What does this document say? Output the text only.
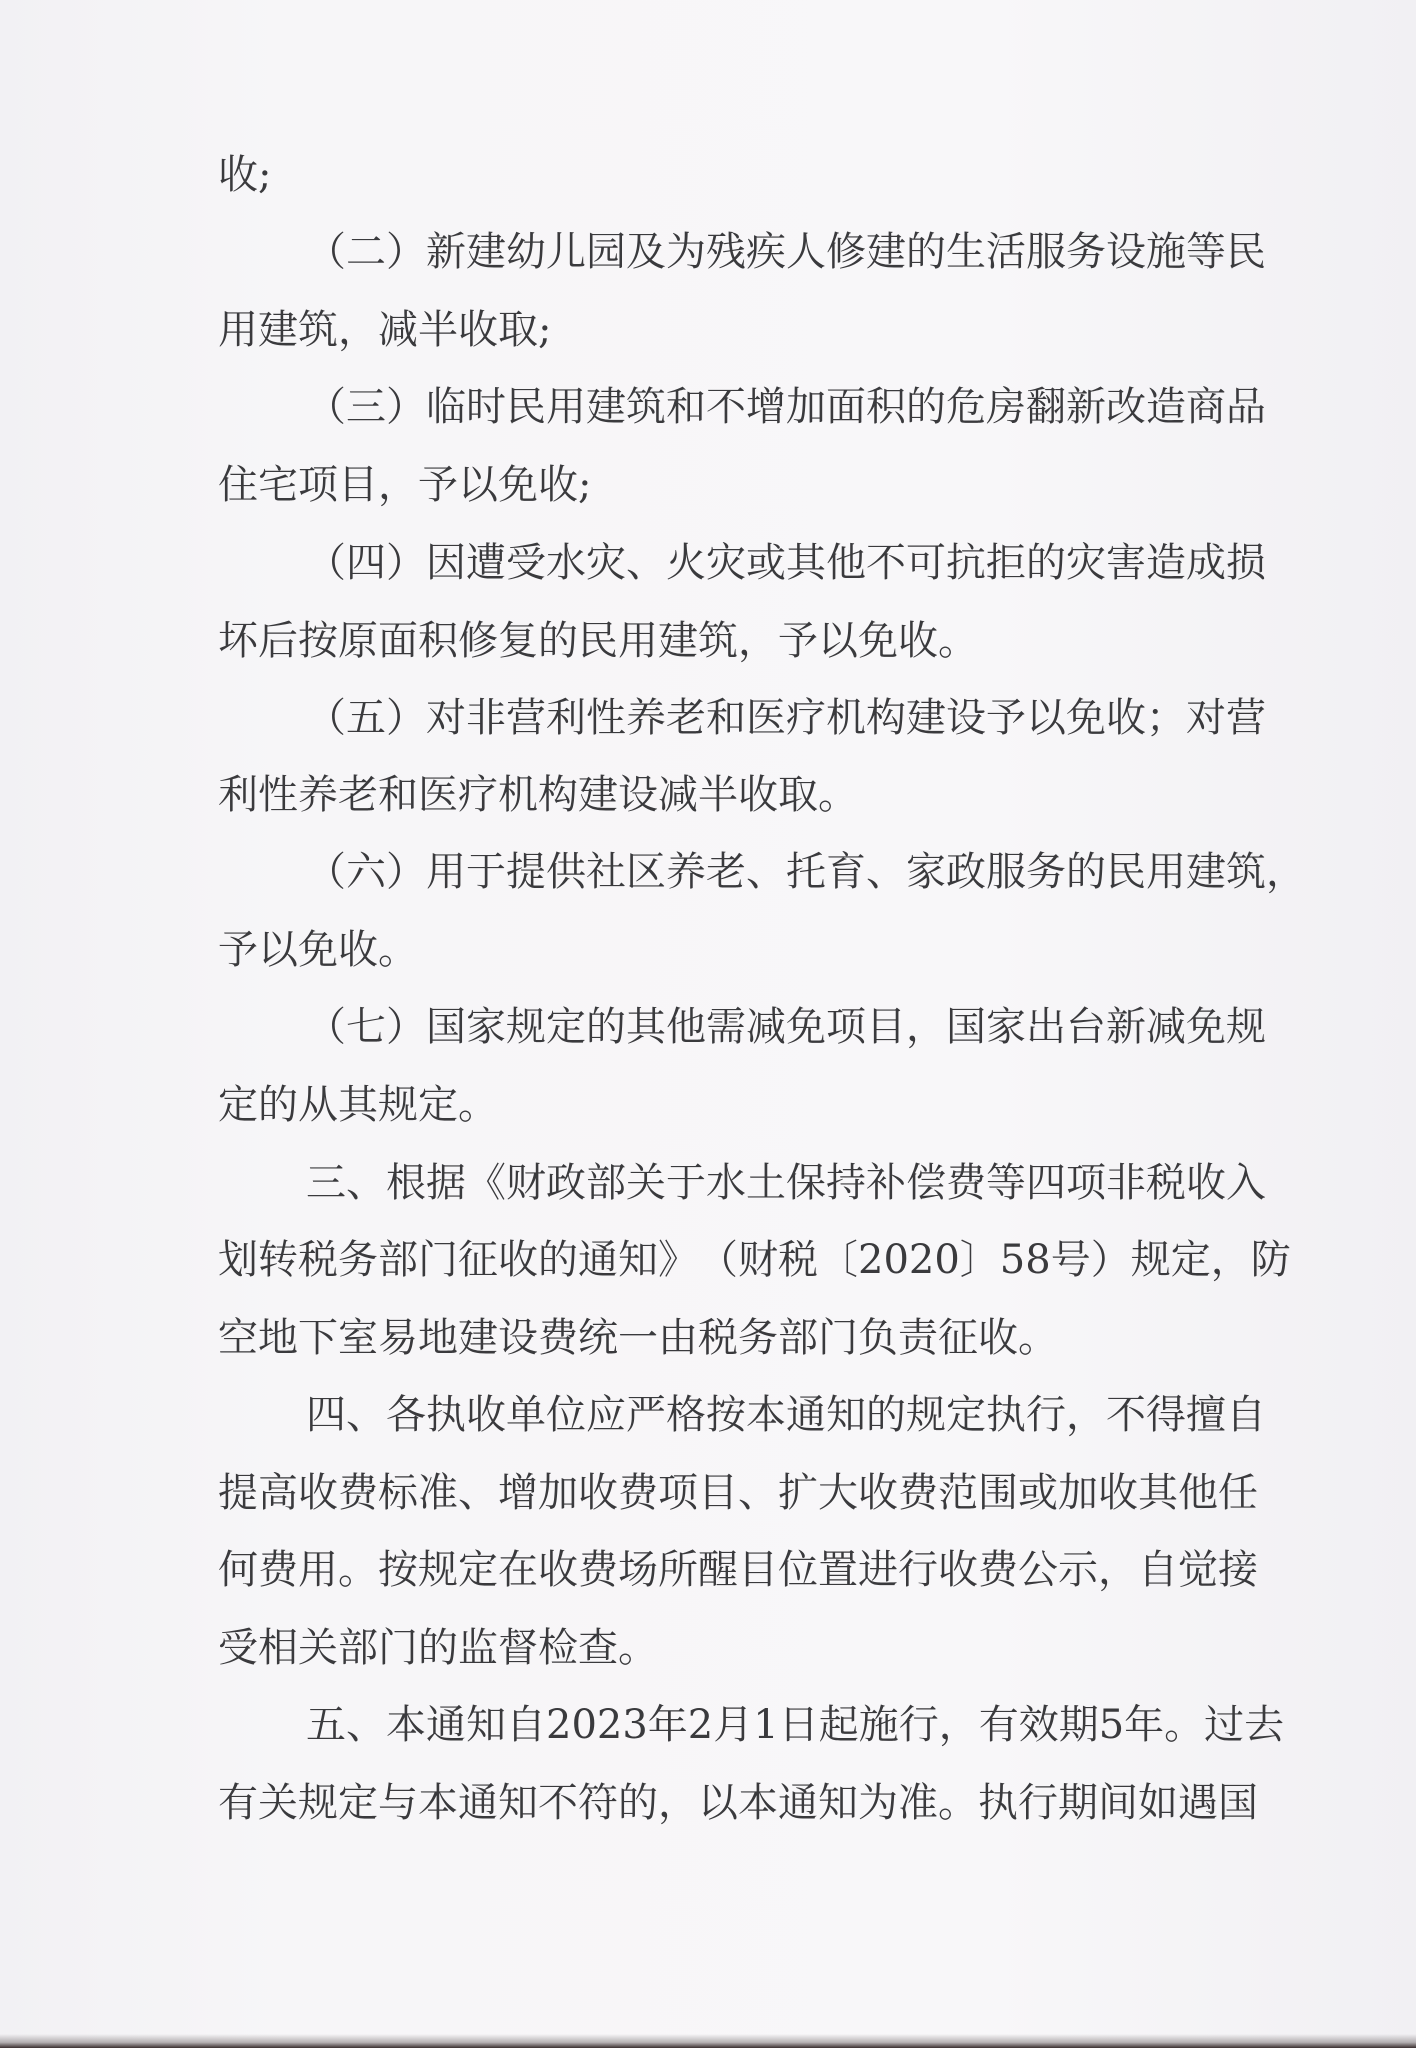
收;
（ 二 ） 新 建 幼 儿 园 及 为 残 疾 人 修 建 的 生 活 服 务 设 施 等 民
用建筑，减半收取;
（ 三 ） 临 时 民 用 建 筑 和 不 增 加 面 积 的 危 房 翻 新 改 造 商 品
住宅项目，予以免收;
（ 四 ） 因 遭 受 水 灾 、 火 灾 或 其 他 不 可 抗 拒 的 灾 害 造 成 损
坏后按原面积修复的民用建筑，予以免收。
（ 五 ） 对 非 营 利 性 养 老 和 医 疗 机 构 建 设 予 以 免 收 ； 对 营
利性养老和医疗机构建设减半收取。
（ 六 ） 用 于 提 供 社 区 养 老 、 托 育 、 家 政 服 务 的 民 用 建 筑 ，
予以免收。
（ 七 ） 国 家 规 定 的 其 他 需 减 免 项 目 ， 国 家 出 台 新 减 免 规
定的从其规定。
三 、 根 据 《 财 政 部 关 于 水 土 保 持 补 偿 费 等 四 项 非 税 收 入
划 转 税 务 部 门 征 收 的 通 知 》 （ 财 税 〔 2020 〕 58 号 ） 规 定 ， 防
空地下室易地建设费统一由税务部门负责征收。
四 、 各 执 收 单 位 应 严 格 按 本 通 知 的 规 定 执 行 ， 不 得 擅 自
提 高 收 费 标 准 、 增 加 收 费 项 目 、 扩 大 收 费 范 围 或 加 收 其 他 任
何 费 用 。 按 规 定 在 收 费 场 所 醒 目 位 置 进 行 收 费 公 示 ， 自 觉 接
受相关部门的监督检查。
五 、 本 通 知 自 2023 年 2 月 1 日 起 施 行 ， 有 效 期 5 年 。 过 去
有 关 规 定 与 本 通 知 不 符 的 ， 以 本 通 知 为 准 。 执 行 期 间 如 遇 国
